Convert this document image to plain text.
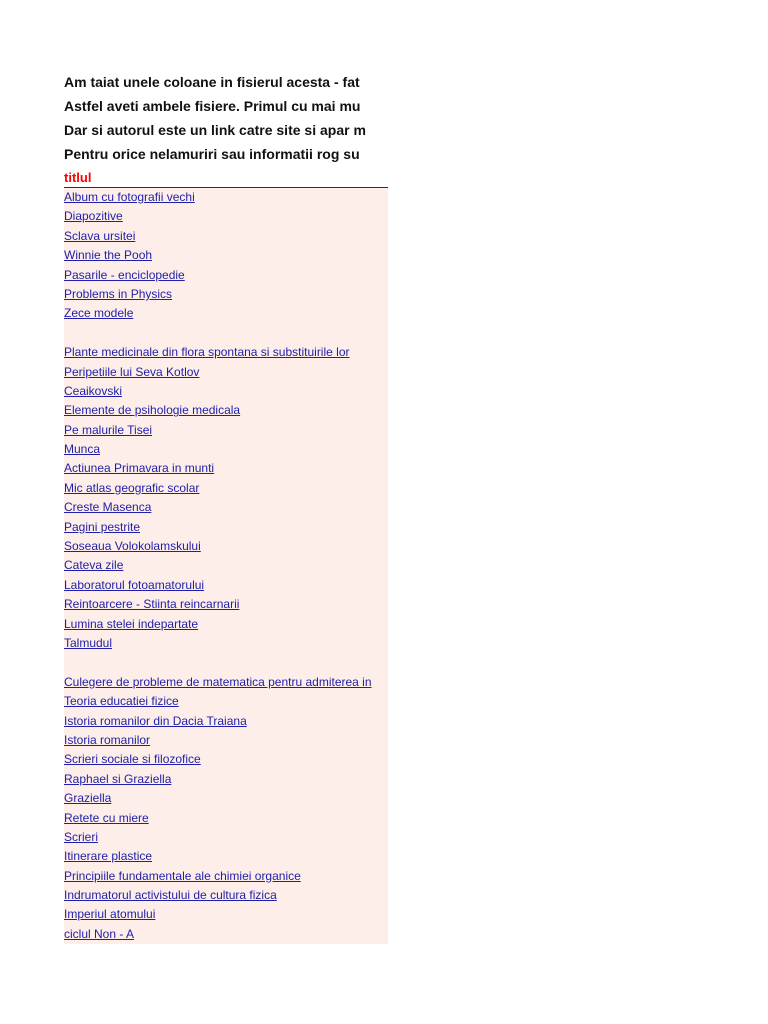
Am taiat unele coloane in fisierul acesta - fat
Astfel aveti ambele fisiere. Primul cu mai mu
Dar si autorul este un link catre site si apar m
Pentru orice nelamuriri sau informatii rog su
titlul
Album cu fotografii vechi
Diapozitive
Sclava ursitei
Winnie the Pooh
Pasarile - enciclopedie
Problems in Physics
Zece modele
Plante medicinale din flora spontana si substituirile lor
Peripetiile lui Seva Kotlov
Ceaikovski
Elemente de psihologie medicala
Pe malurile Tisei
Munca
Actiunea Primavara in munti
Mic atlas geografic scolar
Creste Masenca
Pagini pestrite
Soseaua Volokolamskului
Cateva zile
Laboratorul fotoamatorului
Reintoarcere - Stiinta reincarnarii
Lumina stelei indepartate
Talmudul
Culegere de probleme de matematica pentru admiterea in
Teoria educatiei fizice
Istoria romanilor din Dacia Traiana
Istoria romanilor
Scrieri sociale si filozofice
Raphael si Graziella
Graziella
Retete cu miere
Scrieri
Itinerare plastice
Principiile fundamentale ale chimiei organice
Indrumatorul activistului de cultura fizica
Imperiul atomului
ciclul Non - A
